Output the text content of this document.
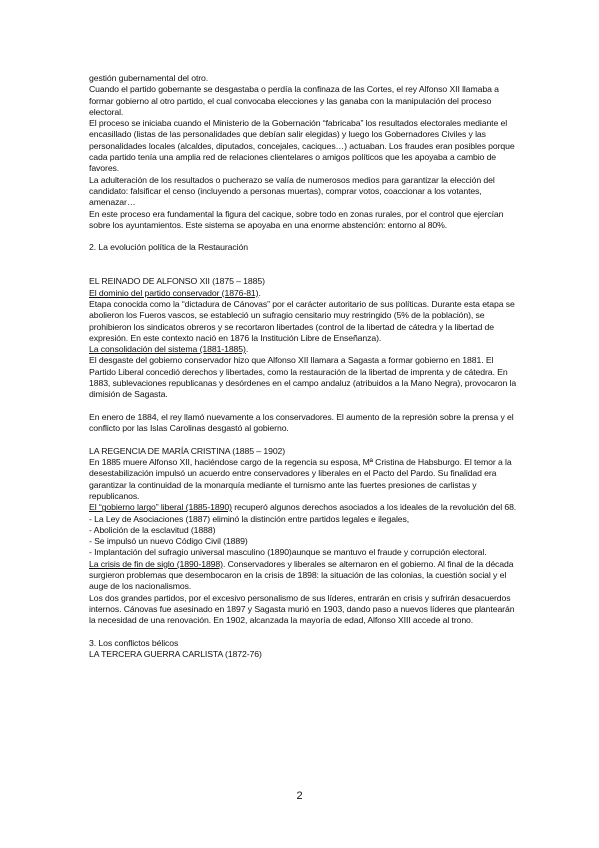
gestión gubernamental del otro.

Cuando el partido gobernante se desgastaba o perdía la confinaza de las Cortes, el rey Alfonso XII llamaba a formar gobierno al otro partido, el cual convocaba elecciones y las ganaba con la manipulación del proceso electoral.

El proceso se iniciaba cuando el Ministerio de la Gobernación “fabricaba” los resultados electorales mediante el encasillado (listas de las personalidades que debían salir elegidas) y luego los Gobernadores Civiles y las personalidades locales (alcaldes, diputados, concejales, caciques…) actuaban. Los fraudes eran posibles porque cada partido tenía una amplia red de relaciones clientelares o amigos políticos que les apoyaba a cambio de favores.

La adulteración de los resultados o pucherazo se valía de numerosos medios para garantizar la elección del candidato: falsificar el censo (incluyendo a personas muertas), comprar votos, coaccionar a los votantes, amenazar…

En este proceso era fundamental la figura del cacique, sobre todo en zonas rurales, por el control que ejercían sobre los ayuntamientos. Este sistema se apoyaba en una enorme abstención: entorno al 80%.

2. La evolución política de la Restauración

EL REINADO DE ALFONSO XII (1875 – 1885)

El dominio del partido conservador (1876-81).

Etapa conocida como la “dictadura de Cánovas” por el carácter autoritario de sus políticas. Durante esta etapa se abolieron los Fueros vascos, se estableció un sufragio censitario muy restringido (5% de la población), se prohibieron los sindicatos obreros y se recortaron libertades (control de la libertad de cátedra y la libertad de expresión. En este contexto nació en 1876 la Institución Libre de Enseñanza).

La consolidación del sistema (1881-1885).

El desgaste del gobierno conservador hizo que Alfonso XII llamara a Sagasta a formar gobierno en 1881. El Partido Liberal concedió derechos y libertades, como la restauración de la libertad de imprenta y de cátedra. En 1883, sublevaciones republicanas y desórdenes en el campo andaluz (atribuidos a la Mano Negra), provocaron la dimisión de Sagasta.

En enero de 1884, el rey llamó nuevamente a los conservadores. El aumento de la represión sobre la prensa y el conflicto por las Islas Carolinas desgastó al gobierno.

LA REGENCIA DE MARÍA CRISTINA (1885 – 1902)

En 1885 muere Alfonso XII, haciéndose cargo de la regencia su esposa, Mª Cristina de Habsburgo. El temor a la desestabilización impulsó un acuerdo entre conservadores y liberales en el Pacto del Pardo. Su finalidad era garantizar la continuidad de la monarquía mediante el turnismo ante las fuertes presiones de carlistas y republicanos.

El “gobierno largo” liberal (1885-1890) recuperó algunos derechos asociados a los ideales de la revolución del 68.

- La Ley de Asociaciones (1887) eliminó la distinción entre partidos legales e ilegales,

- Abolición de la esclavitud (1888)

- Se impulsó un nuevo Código Civil (1889)

- Implantación del sufragio universal masculino (1890)aunque se mantuvo el fraude y corrupción electoral.

La crisis de fin de siglo (1890-1898). Conservadores y liberales se alternaron en el gobierno. Al final de la década surgieron problemas que desembocaron en la crisis de 1898: la situación de las colonias, la cuestión social y el auge de los nacionalismos.

Los dos grandes partidos, por el excesivo personalismo de sus líderes, entrarán en crisis y sufrirán desacuerdos internos. Cánovas fue asesinado en 1897 y Sagasta murió en 1903, dando paso a nuevos líderes que plantearán la necesidad de una renovación. En 1902, alcanzada la mayoría de edad, Alfonso XIII accede al trono.

3. Los conflictos bélicos

LA TERCERA GUERRA CARLISTA (1872-76)

2
